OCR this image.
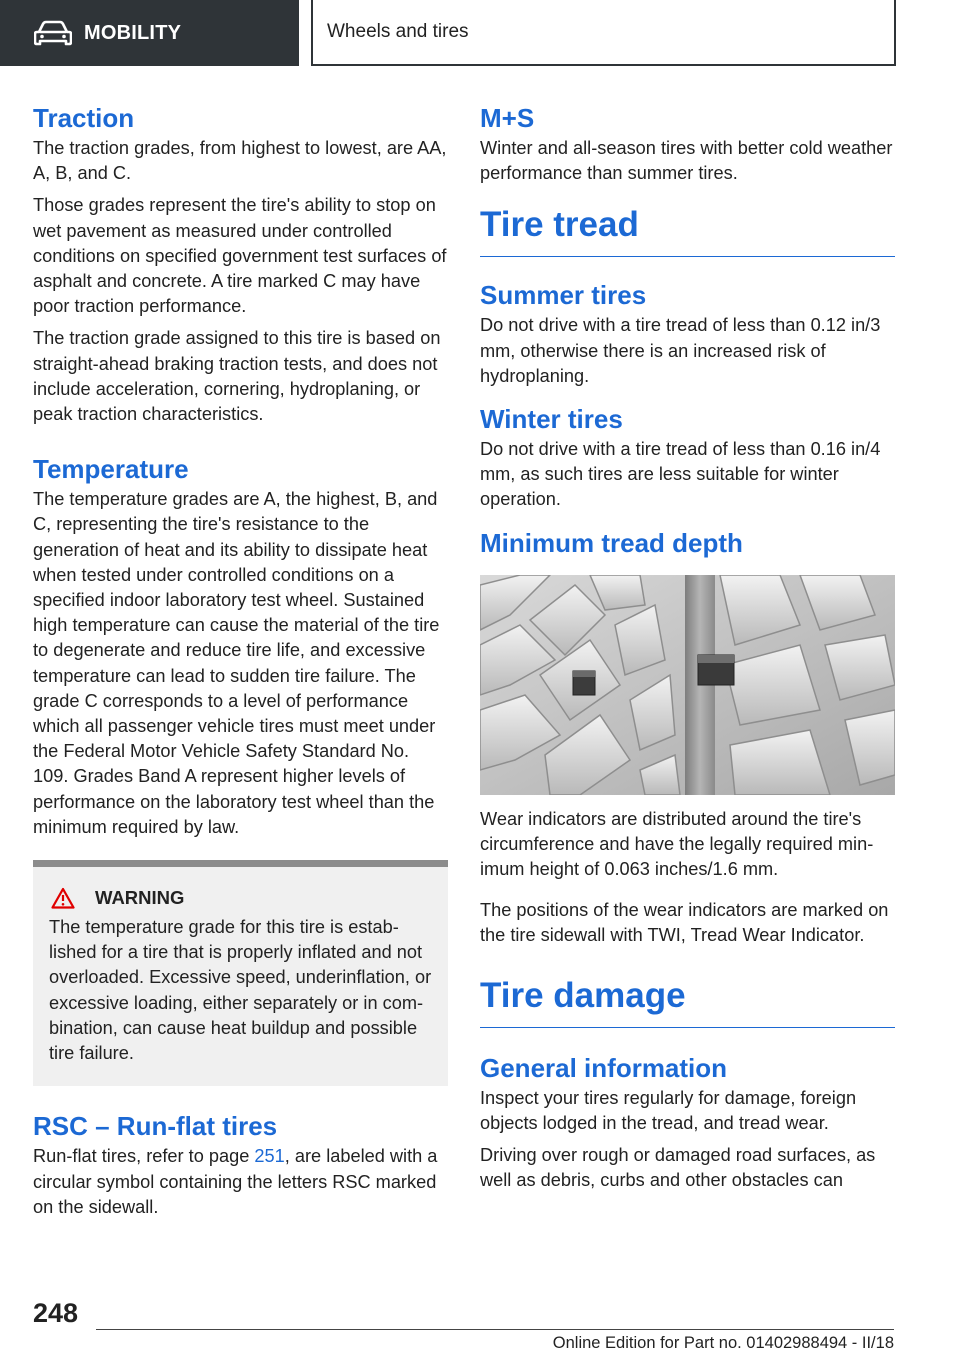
MOBILITY	Wheels and tires
Traction

The traction grades, from highest to lowest, are AA, A, B, and C.

Those grades represent the tire's ability to stop on wet pavement as measured under controlled conditions on specified government test surfaces of asphalt and concrete. A tire marked C may have poor traction performance.

The traction grade assigned to this tire is based on straight-ahead braking traction tests, and does not include acceleration, cornering, hydroplaning, or peak traction characteristics.

Temperature

The temperature grades are A, the highest, B, and C, representing the tire's resistance to the generation of heat and its ability to dissipate heat when tested under controlled conditions on a specified indoor laboratory test wheel. Sustained high temperature can cause the material of the tire to degenerate and reduce tire life, and excessive temperature can lead to sudden tire failure. The grade C corresponds to a level of performance which all passenger vehicle tires must meet under the Federal Motor Vehicle Safety Standard No. 109. Grades Band A represent higher levels of performance on the laboratory test wheel than the minimum required by law.

WARNING

The temperature grade for this tire is established for a tire that is properly inflated and not overloaded. Excessive speed, underinflation, or excessive loading, either separately or in combination, can cause heat buildup and possible tire failure.

RSC – Run-flat tires

Run-flat tires, refer to page 251, are labeled with a circular symbol containing the letters RSC marked on the sidewall.

M+S

Winter and all-season tires with better cold weather performance than summer tires.

Tire tread
Summer tires

Do not drive with a tire tread of less than 0.12 in/3 mm, otherwise there is an increased risk of hydroplaning.

Winter tires

Do not drive with a tire tread of less than 0.16 in/4 mm, as such tires are less suitable for winter operation.

Minimum tread depth

Wear indicators are distributed around the tire's circumference and have the legally required minimum height of 0.063 inches/1.6 mm.

The positions of the wear indicators are marked on the tire sidewall with TWI, Tread Wear Indicator.

Tire damage
General information

Inspect your tires regularly for damage, foreign objects lodged in the tread, and tread wear.

Driving over rough or damaged road surfaces, as well as debris, curbs and other obstacles can

248
Online Edition for Part no. 01402988494 - II/18
